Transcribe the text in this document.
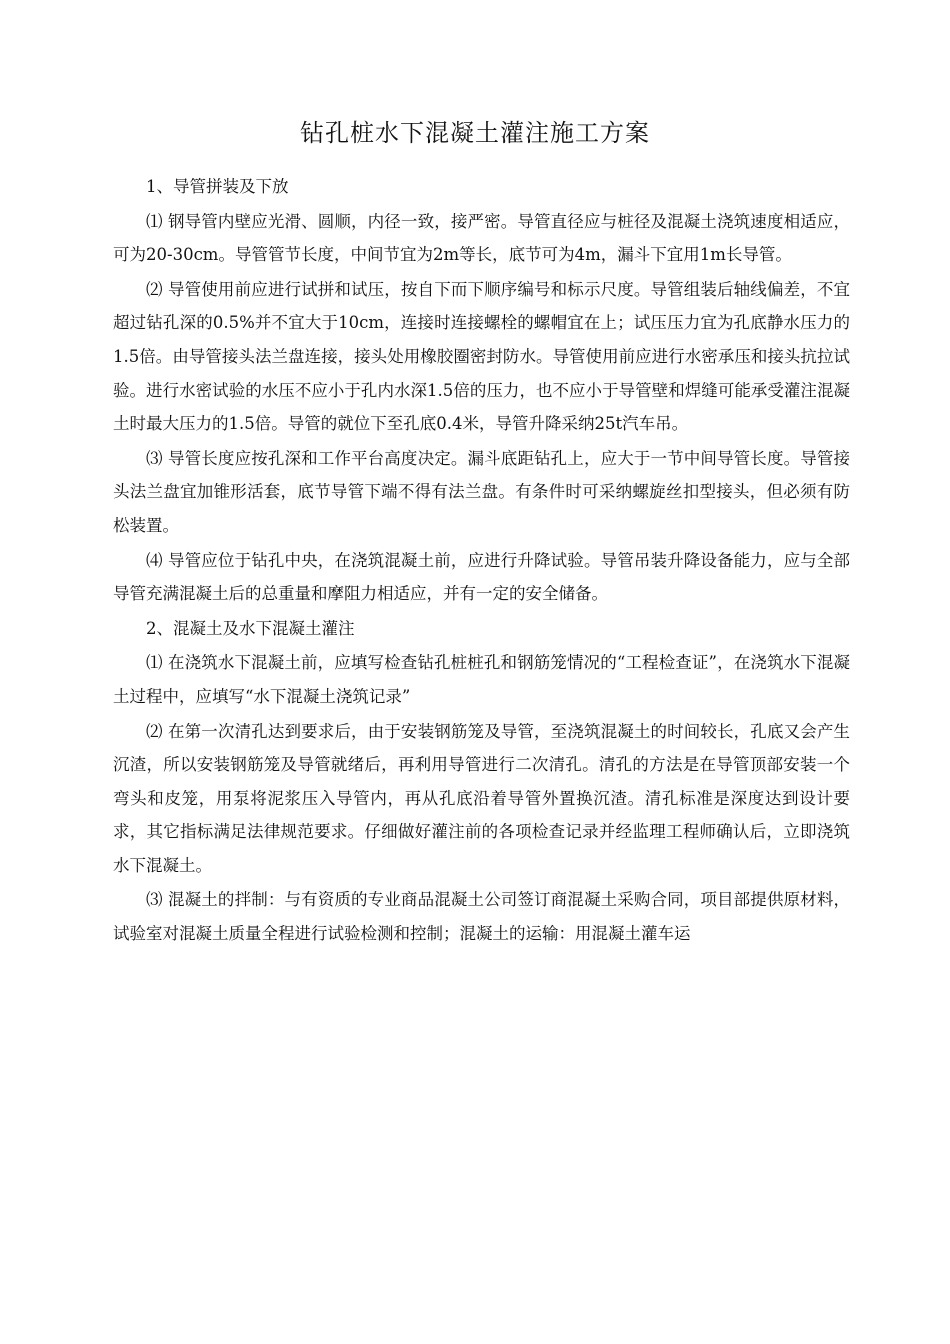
钻孔桩水下混凝土灌注施工方案

1、导管拼装及下放

⑴ 钢导管内壁应光滑、圆顺，内径一致，接严密。导管直径应与桩径及混凝土浇筑速度相适应，可为20-30cm。导管管节长度，中间节宜为2m等长，底节可为4m，漏斗下宜用1m长导管。

⑵ 导管使用前应进行试拼和试压，按自下而下顺序编号和标示尺度。导管组装后轴线偏差，不宜超过钻孔深的0.5%并不宜大于10cm，连接时连接螺栓的螺帽宜在上；试压压力宜为孔底静水压力的1.5倍。由导管接头法兰盘连接，接头处用橡胶圈密封防水。导管使用前应进行水密承压和接头抗拉试验。进行水密试验的水压不应小于孔内水深1.5倍的压力，也不应小于导管壁和焊缝可能承受灌注混凝土时最大压力的1.5倍。导管的就位下至孔底0.4米，导管升降采纳25t汽车吊。

⑶ 导管长度应按孔深和工作平台高度决定。漏斗底距钻孔上，应大于一节中间导管长度。导管接头法兰盘宜加锥形活套，底节导管下端不得有法兰盘。有条件时可采纳螺旋丝扣型接头，但必须有防松装置。

⑷ 导管应位于钻孔中央，在浇筑混凝土前，应进行升降试验。导管吊装升降设备能力，应与全部导管充满混凝土后的总重量和摩阻力相适应，并有一定的安全储备。

2、混凝土及水下混凝土灌注

⑴ 在浇筑水下混凝土前，应填写检查钻孔桩桩孔和钢筋笼情况的“工程检查证”，在浇筑水下混凝土过程中，应填写“水下混凝土浇筑记录”

⑵ 在第一次清孔达到要求后，由于安装钢筋笼及导管，至浇筑混凝土的时间较长，孔底又会产生沉渣，所以安装钢筋笼及导管就绪后，再利用导管进行二次清孔。清孔的方法是在导管顶部安装一个弯头和皮笼，用泵将泥浆压入导管内，再从孔底沿着导管外置换沉渣。清孔标准是深度达到设计要求，其它指标满足法律规范要求。仔细做好灌注前的各项检查记录并经监理工程师确认后，立即浇筑水下混凝土。

⑶ 混凝土的拌制：与有资质的专业商品混凝土公司签订商混凝土采购合同，项目部提供原材料，试验室对混凝土质量全程进行试验检测和控制；混凝土的运输：用混凝土灌车运
